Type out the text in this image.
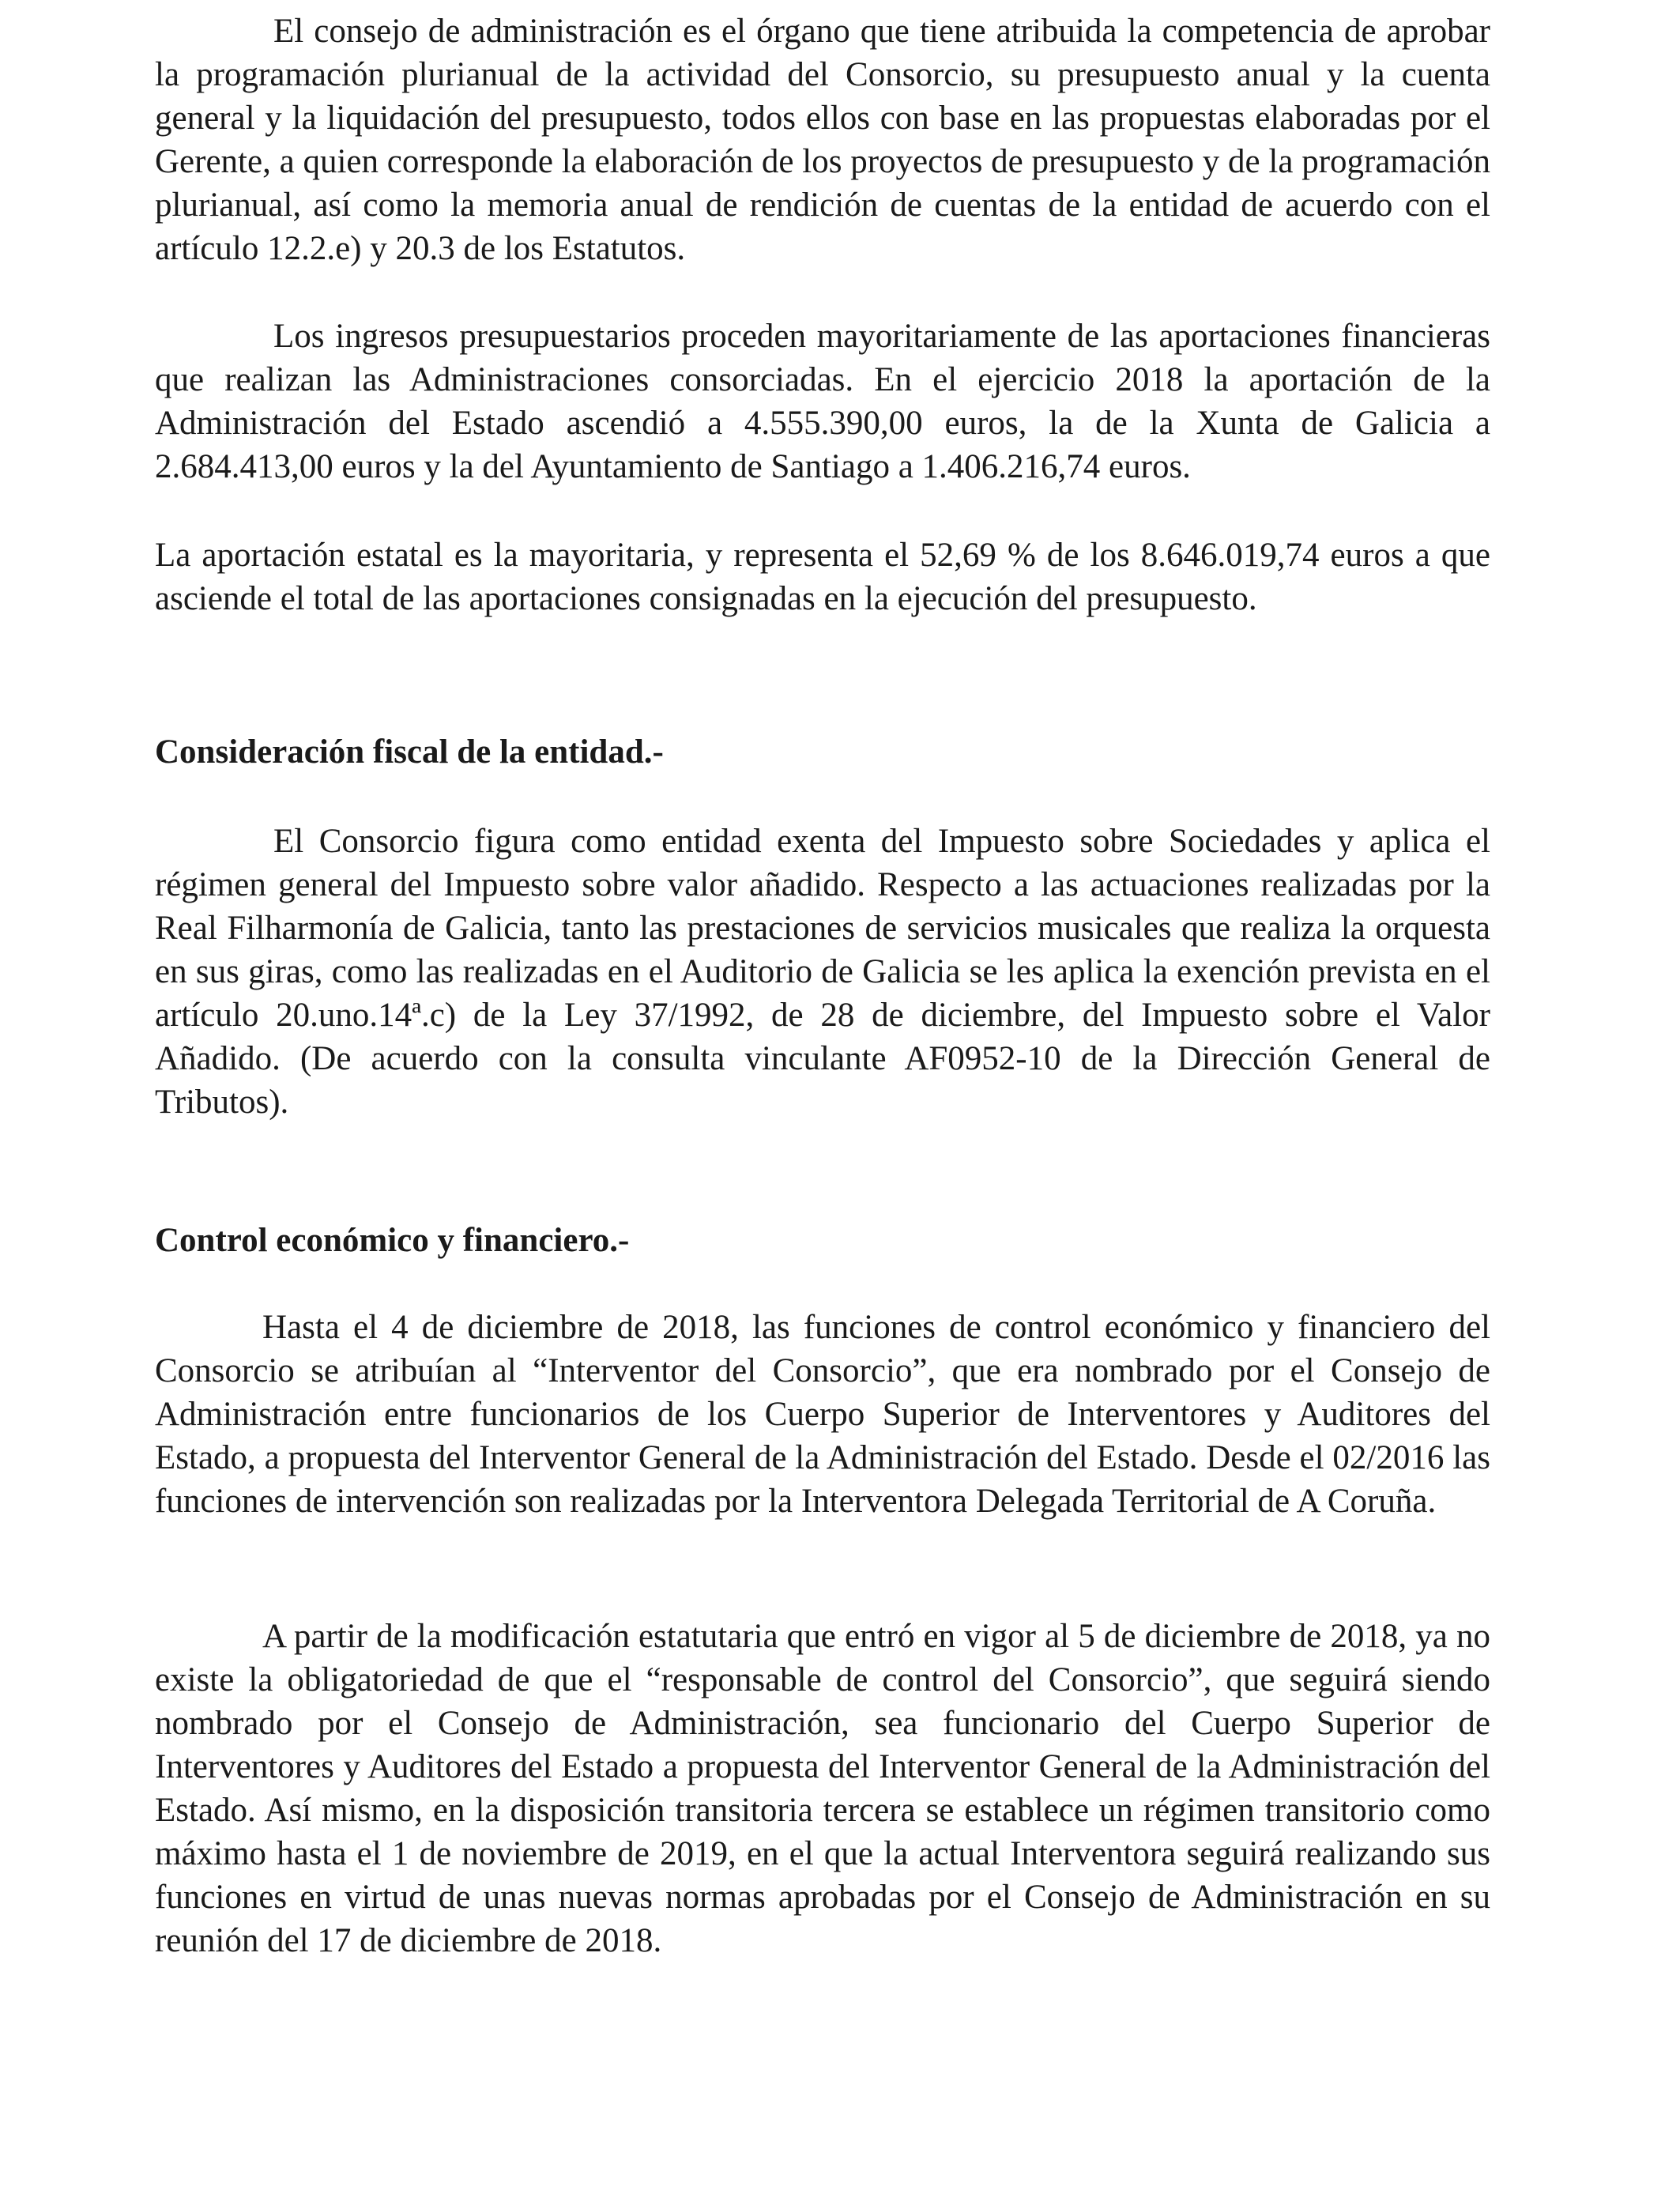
El consejo de administración es el órgano que tiene atribuida la competencia de aprobar la programación plurianual de la actividad del Consorcio, su presupuesto anual y la cuenta general y la liquidación del presupuesto, todos ellos con base en las propuestas elaboradas por el Gerente, a quien corresponde la elaboración de los proyectos de presupuesto y de la programación plurianual, así como la memoria anual de rendición de cuentas de la entidad de acuerdo con el artículo 12.2.e) y 20.3 de los Estatutos.

Los ingresos presupuestarios proceden mayoritariamente de las aportaciones financieras que realizan las Administraciones consorciadas. En el ejercicio 2018 la aportación de la Administración del Estado ascendió a 4.555.390,00 euros, la de la Xunta de Galicia a 2.684.413,00 euros y la del Ayuntamiento de Santiago a 1.406.216,74 euros.

La aportación estatal es la mayoritaria, y representa el 52,69 % de los 8.646.019,74 euros a que asciende el total de las aportaciones consignadas en la ejecución del presupuesto.

Consideración fiscal de la entidad.-

El Consorcio figura como entidad exenta del Impuesto sobre Sociedades y aplica el régimen general del Impuesto sobre valor añadido. Respecto a las actuaciones realizadas por la Real Filharmonía de Galicia, tanto las prestaciones de servicios musicales que realiza la orquesta en sus giras, como las realizadas en el Auditorio de Galicia se les aplica la exención prevista en el artículo 20.uno.14ª.c) de la Ley 37/1992, de 28 de diciembre, del Impuesto sobre el Valor Añadido. (De acuerdo con la consulta vinculante AF0952-10 de la Dirección General de Tributos).

Control económico y financiero.-

Hasta el 4 de diciembre de 2018, las funciones de control económico y financiero del Consorcio se atribuían al “Interventor del Consorcio”, que era nombrado por el Consejo de Administración entre funcionarios de los Cuerpo Superior de Interventores y Auditores del Estado, a propuesta del Interventor General de la Administración del Estado. Desde el 02/2016 las funciones de intervención son realizadas por la Interventora Delegada Territorial de A Coruña.

A partir de la modificación estatutaria que entró en vigor al 5 de diciembre de 2018, ya no existe la obligatoriedad de que el “responsable de control del Consorcio”, que seguirá siendo nombrado por el Consejo de Administración, sea funcionario del Cuerpo Superior de Interventores y Auditores del Estado a propuesta del Interventor General de la Administración del Estado. Así mismo, en la disposición transitoria tercera se establece un régimen transitorio como máximo hasta el 1 de noviembre de 2019, en el que la actual Interventora seguirá realizando sus funciones en virtud de unas nuevas normas aprobadas por el Consejo de Administración en su reunión del 17 de diciembre de 2018.
